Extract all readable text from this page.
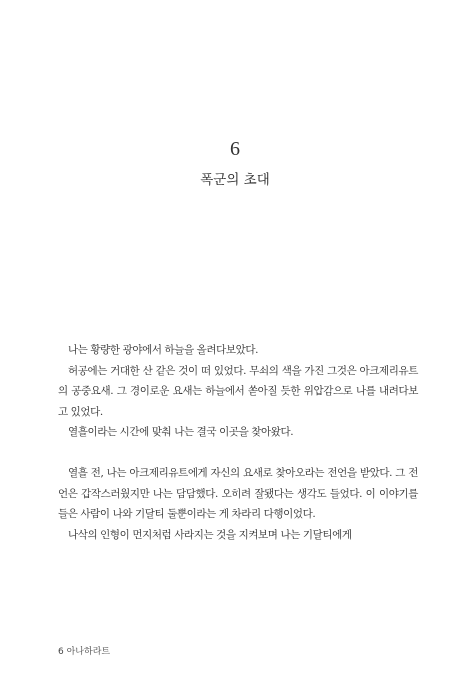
6
폭군의 초대

나는 황량한 광야에서 하늘을 올려다보았다.

허공에는 거대한 산 같은 것이 떠 있었다. 무쇠의 색을 가진 그것은 아크제리유트의 공중요새. 그 경이로운 요새는 하늘에서 쏟아질 듯한 위압감으로 나를 내려다보고 있었다.

열흘이라는 시간에 맞춰 나는 결국 이곳을 찾아왔다.

열흘 전, 나는 아크제리유트에게 자신의 요새로 찾아오라는 전언을 받았다. 그 전언은 갑작스러웠지만 나는 담담했다. 오히려 잘됐다는 생각도 들었다. 이 이야기를 들은 사람이 나와 기달티 둘뿐이라는 게 차라리 다행이었다.

나삭의 인형이 먼지처럼 사라지는 것을 지켜보며 나는 기달티에게

6 아나하라트
